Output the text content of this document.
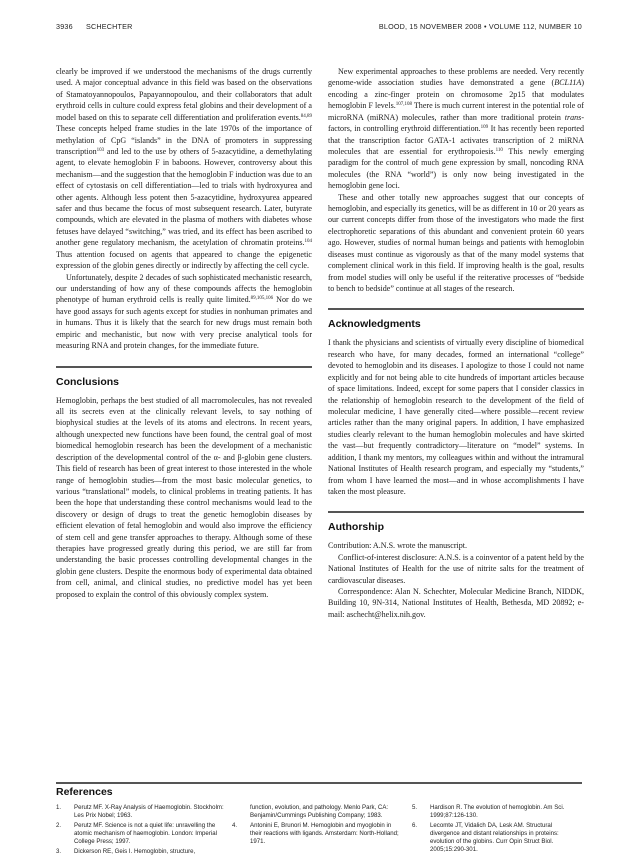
3936 SCHECHTER	BLOOD, 15 NOVEMBER 2008 • VOLUME 112, NUMBER 10

clearly be improved if we understood the mechanisms of the drugs currently used. A major conceptual advance in this field was based on the observations of Stamatoyannopoulos, Papayannopoulou, and their collaborators that adult erythroid cells in culture could express fetal globins and their development of a model based on this to separate cell differentiation and proliferation events.$^{84,89}$ These concepts helped frame studies in the late 1970s of the importance of methylation of CpG “islands” in the DNA of promoters in suppressing transcription$^{103}$ and led to the use by others of 5-azacytidine, a demethylating agent, to elevate hemoglobin F in baboons. However, controversy about this mechanism—and the suggestion that the hemoglobin F induction was due to an effect of cytostasis on cell differentiation—led to trials with hydroxyurea and other agents. Although less potent then 5-azacytidine, hydroxyurea appeared safer and thus became the focus of most subsequent research. Later, butyrate compounds, which are elevated in the plasma of mothers with diabetes whose fetuses have delayed “switching,” was tried, and its effect has been ascribed to another gene regulatory mechanism, the acetylation of chromatin proteins.$^{104}$ Thus attention focused on agents that appeared to change the epigenetic expression of the globin genes directly or indirectly by affecting the cell cycle.

Unfortunately, despite 2 decades of such sophisticated mechanistic research, our understanding of how any of these compounds affects the hemoglobin phenotype of human erythroid cells is really quite limited.$^{89,105,106}$ Nor do we have good assays for such agents except for studies in nonhuman primates and in humans. Thus it is likely that the search for new drugs must remain both empiric and mechanistic, but now with very precise analytical tools for measuring RNA and protein changes, for the immediate future.

Conclusions

Hemoglobin, perhaps the best studied of all macromolecules, has not revealed all its secrets even at the clinically relevant levels, to say nothing of biophysical studies at the levels of its atoms and electrons. In recent years, although unexpected new functions have been found, the central goal of most biomedical hemoglobin research has been the development of a mechanistic description of the developmental control of the α- and β-globin gene clusters. This field of research has been of great interest to those interested in the whole range of hemoglobin studies—from the most basic molecular genetics, to various “translational” models, to clinical problems in treating patients. It has been the hope that understanding these control mechanisms would lead to the discovery or design of drugs to treat the genetic hemoglobin diseases by efficient elevation of fetal hemoglobin and would also improve the efficiency of stem cell and gene transfer approaches to therapy. Although some of these therapies have progressed greatly during this period, we are still far from understanding the basic processes controlling developmental changes in the globin gene clusters. Despite the enormous body of experimental data obtained from cell, animal, and clinical studies, no predictive model has yet been proposed to explain the control of this obviously complex system.

New experimental approaches to these problems are needed. Very recently genome-wide association studies have demonstrated a gene (BCL11A) encoding a zinc-finger protein on chromosome 2p15 that modulates hemoglobin F levels.$^{107,108}$ There is much current interest in the potential role of microRNA (miRNA) molecules, rather than more traditional protein trans-factors, in controlling erythroid differentiation.$^{109}$ It has recently been reported that the transcription factor GATA-1 activates transcription of 2 miRNA molecules that are essential for erythropoiesis.$^{110}$ This newly emerging paradigm for the control of much gene expression by small, noncoding RNA molecules (the RNA “world”) is only now being investigated in the hemoglobin gene loci.

These and other totally new approaches suggest that our concepts of hemoglobin, and especially its genetics, will be as different in 10 or 20 years as our current concepts differ from those of the investigators who made the first electrophoretic separations of this abundant and convenient protein 60 years ago. However, studies of normal human beings and patients with hemoglobin diseases must continue as vigorously as that of the many model systems that complement clinical work in this field. If improving health is the goal, results from model studies will only be useful if the reiterative processes of “bedside to bench to bedside” continue at all stages of the research.

Acknowledgments

I thank the physicians and scientists of virtually every discipline of biomedical research who have, for many decades, formed an international “college” devoted to hemoglobin and its diseases. I apologize to those I could not name explicitly and for not being able to cite hundreds of important articles because of space limitations. Indeed, except for some papers that I consider classics in the relationship of hemoglobin research to the development of the field of molecular medicine, I have generally cited—where possible—recent review articles rather than the many original papers. In addition, I have emphasized studies clearly relevant to the human hemoglobin molecules and have skirted the vast—but frequently contradictory—literature on “model” systems. In addition, I thank my mentors, my colleagues within and without the intramural National Institutes of Health research program, and especially my “students,” from whom I have learned the most—and in whose accomplishments I have taken the most pleasure.

Authorship

Contribution: A.N.S. wrote the manuscript.

Conflict-of-interest disclosure: A.N.S. is a coinventor of a patent held by the National Institutes of Health for the use of nitrite salts for the treatment of cardiovascular diseases.

Correspondence: Alan N. Schechter, Molecular Medicine Branch, NIDDK, Building 10, 9N-314, National Institutes of Health, Bethesda, MD 20892; e-mail: aschecht@helix.nih.gov.

References
1. Perutz MF. X-Ray Analysis of Haemoglobin. Stockholm: Les Prix Nobel; 1963.
2. Perutz MF. Science is not a quiet life: unravelling the atomic mechanism of haemoglobin. London: Imperial College Press; 1997.
3. Dickerson RE, Geis I. Hemoglobin, structure,
function, evolution, and pathology. Menlo Park, CA: Benjamin/Cummings Publishing Company; 1983.
4. Antonini E, Brunori M. Hemoglobin and myoglobin in their reactions with ligands. Amsterdam: North-Holland; 1971.
5. Hardison R. The evolution of hemoglobin. Am Sci. 1999;87:126-130.
6. Lecomte JT, Vidalich DA, Lesk AM. Structural divergence and distant relationships in proteins: evolution of the globins. Curr Opin Struct Biol. 2005;15:290-301.
